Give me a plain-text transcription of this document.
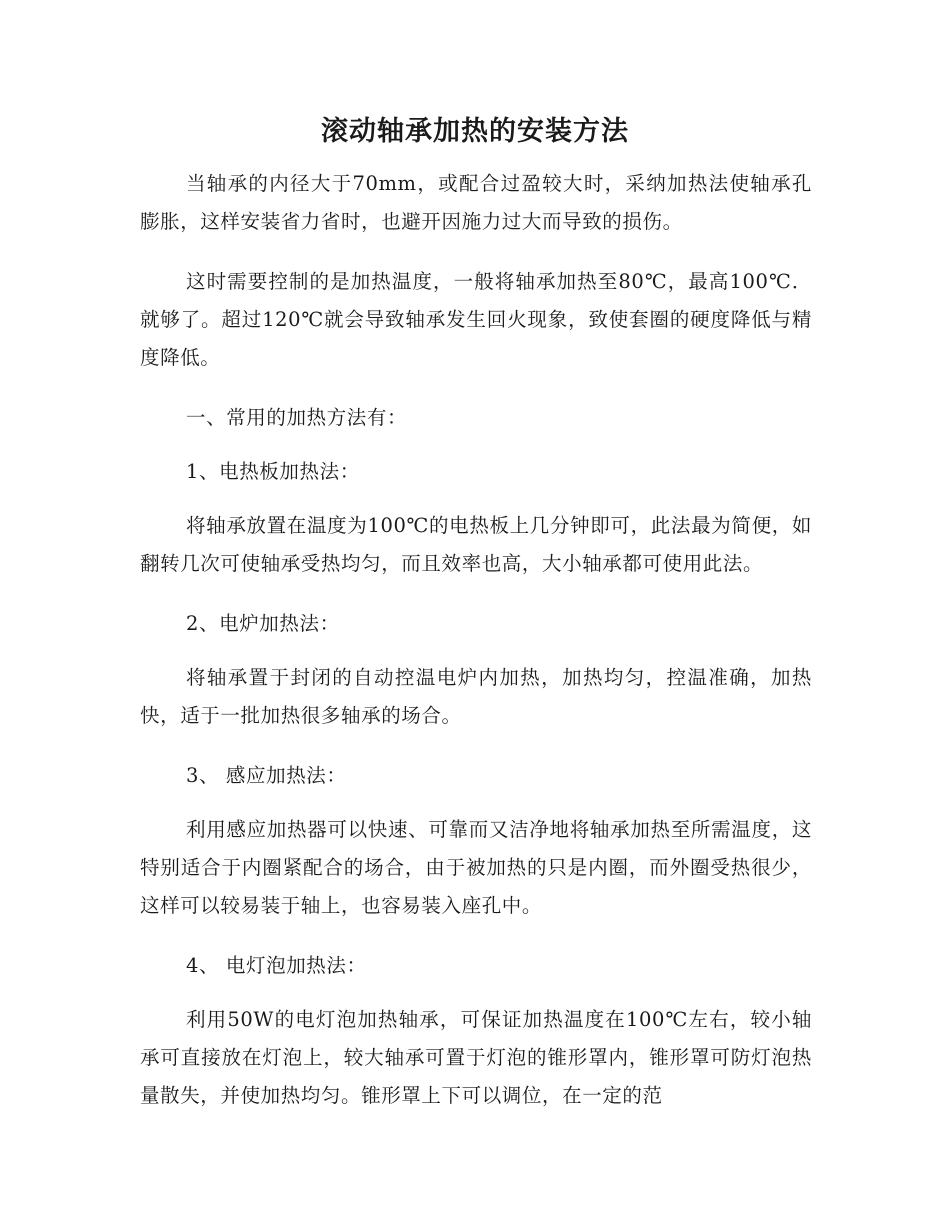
滚动轴承加热的安装方法

当轴承的内径大于70mm，或配合过盈较大时，采纳加热法使轴承孔膨胀，这样安装省力省时，也避开因施力过大而导致的损伤。

这时需要控制的是加热温度，一般将轴承加热至80℃，最高100℃．就够了。超过120℃就会导致轴承发生回火现象，致使套圈的硬度降低与精度降低。

一、常用的加热方法有：

1、电热板加热法：

将轴承放置在温度为100℃的电热板上几分钟即可，此法最为简便，如翻转几次可使轴承受热均匀，而且效率也高，大小轴承都可使用此法。

2、电炉加热法：

将轴承置于封闭的自动控温电炉内加热，加热均匀，控温准确，加热快，适于一批加热很多轴承的场合。

3、 感应加热法：

利用感应加热器可以快速、可靠而又洁净地将轴承加热至所需温度，这特别适合于内圈紧配合的场合，由于被加热的只是内圈，而外圈受热很少，这样可以较易装于轴上，也容易装入座孔中。

4、 电灯泡加热法：

利用50W的电灯泡加热轴承，可保证加热温度在100℃左右，较小轴承可直接放在灯泡上，较大轴承可置于灯泡的锥形罩内，锥形罩可防灯泡热量散失，并使加热均匀。锥形罩上下可以调位，在一定的范
